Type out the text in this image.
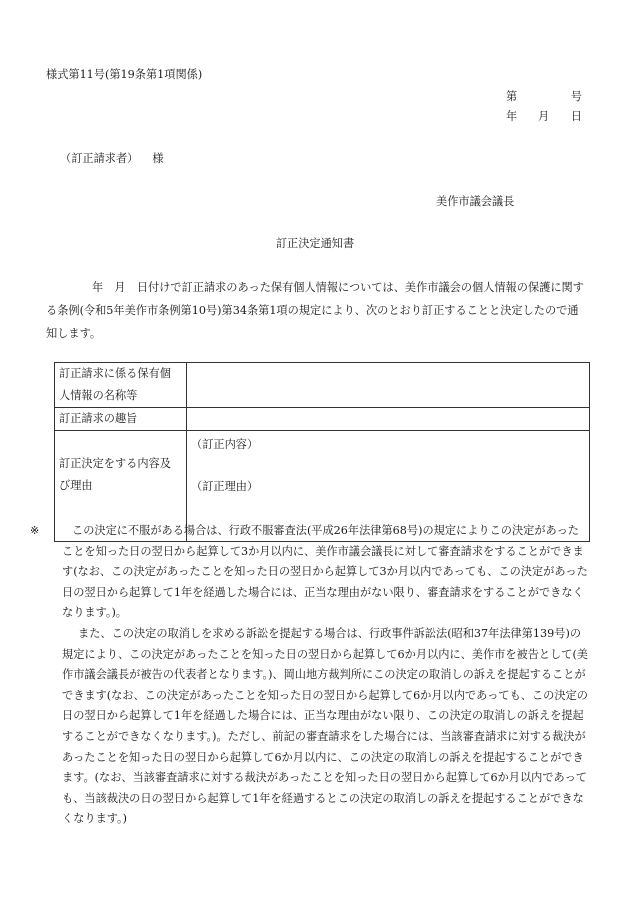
様式第11号(第19条第1項関係)
第	号
年 月 日
（訂正請求者） 様
美作市議会議長
訂正決定通知書

年　月　日付けで訂正請求のあった保有個人情報については、美作市議会の個人情報の保護に関する条例(令和5年美作市条例第10号)第34条第1項の規定により、次のとおり訂正することと決定したので通知します。

訂正請求に係る保有個人情報の名称等	
訂正請求の趣旨	
訂正決定をする内容及び理由	（訂正内容）
（訂正理由）

※	この決定に不服がある場合は、行政不服審査法(平成26年法律第68号)の規定によりこの決定があったことを知った日の翌日から起算して3か月以内に、美作市議会議長に対して審査請求をすることができます(なお、この決定があったことを知った日の翌日から起算して3か月以内であっても、この決定があった日の翌日から起算して1年を経過した場合には、正当な理由がない限り、審査請求をすることができなくなります。)。

また、この決定の取消しを求める訴訟を提起する場合は、行政事件訴訟法(昭和37年法律第139号)の規定により、この決定があったことを知った日の翌日から起算して6か月以内に、美作市を被告として(美作市議会議長が被告の代表者となります。)、岡山地方裁判所にこの決定の取消しの訴えを提起することができます(なお、この決定があったことを知った日の翌日から起算して6か月以内であっても、この決定の日の翌日から起算して1年を経過した場合には、正当な理由がない限り、この決定の取消しの訴えを提起することができなくなります。)。ただし、前記の審査請求をした場合には、当該審査請求に対する裁決があったことを知った日の翌日から起算して6か月以内に、この決定の取消しの訴えを提起することができます。(なお、当該審査請求に対する裁決があったことを知った日の翌日から起算して6か月以内であっても、当該裁決の日の翌日から起算して1年を経過するとこの決定の取消しの訴えを提起することができなくなります。)
